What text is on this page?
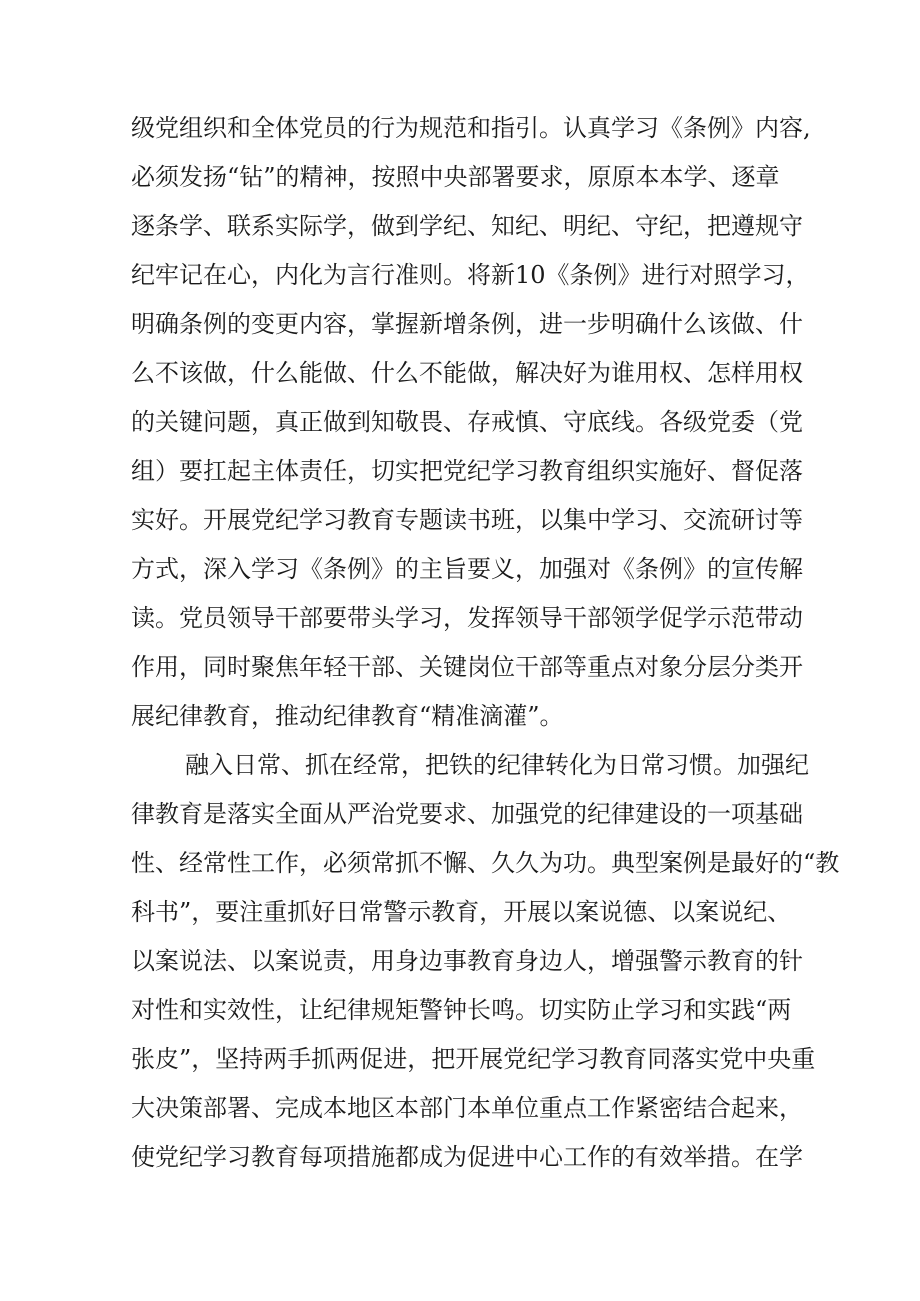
级党组织和全体党员的行为规范和指引。认真学习《条例》内容,
必须发扬“钻”的精神，按照中央部署要求，原原本本学、逐章
逐条学、联系实际学，做到学纪、知纪、明纪、守纪，把遵规守
纪牢记在心，内化为言行准则。将新10《条例》进行对照学习，
明确条例的变更内容，掌握新增条例，进一步明确什么该做、什
么不该做，什么能做、什么不能做，解决好为谁用权、怎样用权
的关键问题，真正做到知敬畏、存戒慎、守底线。各级党委（党
组）要扛起主体责任，切实把党纪学习教育组织实施好、督促落
实好。开展党纪学习教育专题读书班，以集中学习、交流研讨等
方式，深入学习《条例》的主旨要义，加强对《条例》的宣传解
读。党员领导干部要带头学习，发挥领导干部领学促学示范带动
作用，同时聚焦年轻干部、关键岗位干部等重点对象分层分类开
展纪律教育，推动纪律教育“精准滴灌”。
融入日常、抓在经常，把铁的纪律转化为日常习惯。加强纪
律教育是落实全面从严治党要求、加强党的纪律建设的一项基础
性、经常性工作，必须常抓不懈、久久为功。典型案例是最好的“教
科书”，要注重抓好日常警示教育，开展以案说德、以案说纪、
以案说法、以案说责，用身边事教育身边人，增强警示教育的针
对性和实效性，让纪律规矩警钟长鸣。切实防止学习和实践“两
张皮”，坚持两手抓两促进，把开展党纪学习教育同落实党中央重
大决策部署、完成本地区本部门本单位重点工作紧密结合起来，
使党纪学习教育每项措施都成为促进中心工作的有效举措。在学
